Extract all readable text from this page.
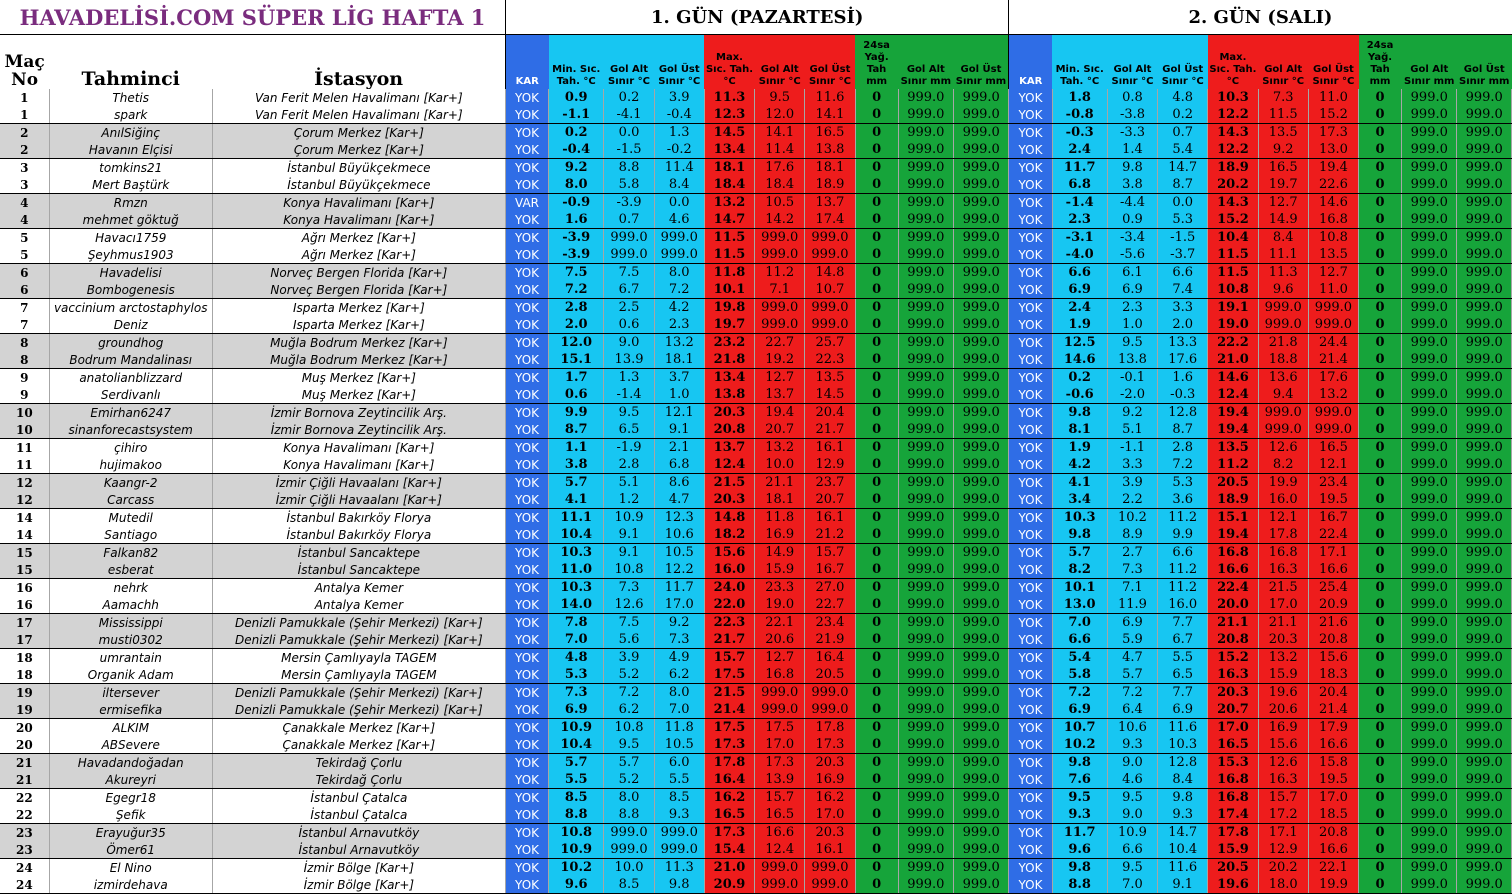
HAVADELİSİ.COM SÜPER LİG HAFTA 1			1. GÜN (PAZARTESİ)										2. GÜN (SALI)									
Maç No	Tahminci	İstasyon	KAR	Min. Sıc. Tah. °C	Gol Alt Sınır °C	Gol Üst Sınır °C	Max. Sıc. Tah. °C	Gol Alt Sınır °C	Gol Üst Sınır °C	24sa Yağ. Tah mm	Gol Alt Sınır mm	Gol Üst Sınır mm	KAR	Min. Sıc. Tah. °C	Gol Alt Sınır °C	Gol Üst Sınır °C	Max. Sıc. Tah. °C	Gol Alt Sınır °C	Gol Üst Sınır °C	24sa Yağ. Tah mm	Gol Alt Sınır mm	Gol Üst Sınır mm
1	Thetis	Van Ferit Melen Havalimanı [Kar+]	YOK	0.9	0.2	3.9	11.3	9.5	11.6	0	999.0	999.0	YOK	1.8	0.8	4.8	10.3	7.3	11.0	0	999.0	999.0
1	spark	Van Ferit Melen Havalimanı [Kar+]	YOK	-1.1	-4.1	-0.4	12.3	12.0	14.1	0	999.0	999.0	YOK	-0.8	-3.8	0.2	12.2	11.5	15.2	0	999.0	999.0
2	AnılSiğinç	Çorum Merkez [Kar+]	YOK	0.2	0.0	1.3	14.5	14.1	16.5	0	999.0	999.0	YOK	-0.3	-3.3	0.7	14.3	13.5	17.3	0	999.0	999.0
2	Havanın Elçisi	Çorum Merkez [Kar+]	YOK	-0.4	-1.5	-0.2	13.4	11.4	13.8	0	999.0	999.0	YOK	2.4	1.4	5.4	12.2	9.2	13.0	0	999.0	999.0
3	tomkins21	İstanbul Büyükçekmece	YOK	9.2	8.8	11.4	18.1	17.6	18.1	0	999.0	999.0	YOK	11.7	9.8	14.7	18.9	16.5	19.4	0	999.0	999.0
3	Mert Baştürk	İstanbul Büyükçekmece	YOK	8.0	5.8	8.4	18.4	18.4	18.9	0	999.0	999.0	YOK	6.8	3.8	8.7	20.2	19.7	22.6	0	999.0	999.0
4	Rmzn	Konya Havalimanı [Kar+]	VAR	-0.9	-3.9	0.0	13.2	10.5	13.7	0	999.0	999.0	YOK	-1.4	-4.4	0.0	14.3	12.7	14.6	0	999.0	999.0
4	mehmet göktuğ	Konya Havalimanı [Kar+]	YOK	1.6	0.7	4.6	14.7	14.2	17.4	0	999.0	999.0	YOK	2.3	0.9	5.3	15.2	14.9	16.8	0	999.0	999.0
5	Havacı1759	Ağrı Merkez [Kar+]	YOK	-3.9	999.0	999.0	11.5	999.0	999.0	0	999.0	999.0	YOK	-3.1	-3.4	-1.5	10.4	8.4	10.8	0	999.0	999.0
5	Şeyhmus1903	Ağrı Merkez [Kar+]	YOK	-3.9	999.0	999.0	11.5	999.0	999.0	0	999.0	999.0	YOK	-4.0	-5.6	-3.7	11.5	11.1	13.5	0	999.0	999.0
6	Havadelisi	Norveç Bergen Florida [Kar+]	YOK	7.5	7.5	8.0	11.8	11.2	14.8	0	999.0	999.0	YOK	6.6	6.1	6.6	11.5	11.3	12.7	0	999.0	999.0
6	Bombogenesis	Norveç Bergen Florida [Kar+]	YOK	7.2	6.7	7.2	10.1	7.1	10.7	0	999.0	999.0	YOK	6.9	6.9	7.4	10.8	9.6	11.0	0	999.0	999.0
7	vaccinium arctostaphylos	Isparta Merkez [Kar+]	YOK	2.8	2.5	4.2	19.8	999.0	999.0	0	999.0	999.0	YOK	2.4	2.3	3.3	19.1	999.0	999.0	0	999.0	999.0
7	Deniz	Isparta Merkez [Kar+]	YOK	2.0	0.6	2.3	19.7	999.0	999.0	0	999.0	999.0	YOK	1.9	1.0	2.0	19.0	999.0	999.0	0	999.0	999.0
8	groundhog	Muğla Bodrum Merkez [Kar+]	YOK	12.0	9.0	13.2	23.2	22.7	25.7	0	999.0	999.0	YOK	12.5	9.5	13.3	22.2	21.8	24.4	0	999.0	999.0
8	Bodrum Mandalinası	Muğla Bodrum Merkez [Kar+]	YOK	15.1	13.9	18.1	21.8	19.2	22.3	0	999.0	999.0	YOK	14.6	13.8	17.6	21.0	18.8	21.4	0	999.0	999.0
9	anatolianblizzard	Muş Merkez [Kar+]	YOK	1.7	1.3	3.7	13.4	12.7	13.5	0	999.0	999.0	YOK	0.2	-0.1	1.6	14.6	13.6	17.6	0	999.0	999.0
9	Serdivanlı	Muş Merkez [Kar+]	YOK	0.6	-1.4	1.0	13.8	13.7	14.5	0	999.0	999.0	YOK	-0.6	-2.0	-0.3	12.4	9.4	13.2	0	999.0	999.0
10	Emirhan6247	İzmir Bornova Zeytincilik Arş.	YOK	9.9	9.5	12.1	20.3	19.4	20.4	0	999.0	999.0	YOK	9.8	9.2	12.8	19.4	999.0	999.0	0	999.0	999.0
10	sinanforecastsystem	İzmir Bornova Zeytincilik Arş.	YOK	8.7	6.5	9.1	20.8	20.7	21.7	0	999.0	999.0	YOK	8.1	5.1	8.7	19.4	999.0	999.0	0	999.0	999.0
11	çihiro	Konya Havalimanı [Kar+]	YOK	1.1	-1.9	2.1	13.7	13.2	16.1	0	999.0	999.0	YOK	1.9	-1.1	2.8	13.5	12.6	16.5	0	999.0	999.0
11	hujimakoo	Konya Havalimanı [Kar+]	YOK	3.8	2.8	6.8	12.4	10.0	12.9	0	999.0	999.0	YOK	4.2	3.3	7.2	11.2	8.2	12.1	0	999.0	999.0
12	Kaangr-2	İzmir Çiğli Havaalanı [Kar+]	YOK	5.7	5.1	8.6	21.5	21.1	23.7	0	999.0	999.0	YOK	4.1	3.9	5.3	20.5	19.9	23.4	0	999.0	999.0
12	Carcass	İzmir Çiğli Havaalanı [Kar+]	YOK	4.1	1.2	4.7	20.3	18.1	20.7	0	999.0	999.0	YOK	3.4	2.2	3.6	18.9	16.0	19.5	0	999.0	999.0
14	Mutedil	İstanbul Bakırköy Florya	YOK	11.1	10.9	12.3	14.8	11.8	16.1	0	999.0	999.0	YOK	10.3	10.2	11.2	15.1	12.1	16.7	0	999.0	999.0
14	Santiago	İstanbul Bakırköy Florya	YOK	10.4	9.1	10.6	18.2	16.9	21.2	0	999.0	999.0	YOK	9.8	8.9	9.9	19.4	17.8	22.4	0	999.0	999.0
15	Falkan82	İstanbul Sancaktepe	YOK	10.3	9.1	10.5	15.6	14.9	15.7	0	999.0	999.0	YOK	5.7	2.7	6.6	16.8	16.8	17.1	0	999.0	999.0
15	esberat	İstanbul Sancaktepe	YOK	11.0	10.8	12.2	16.0	15.9	16.7	0	999.0	999.0	YOK	8.2	7.3	11.2	16.6	16.3	16.6	0	999.0	999.0
16	nehrk	Antalya Kemer	YOK	10.3	7.3	11.7	24.0	23.3	27.0	0	999.0	999.0	YOK	10.1	7.1	11.2	22.4	21.5	25.4	0	999.0	999.0
16	Aamachh	Antalya Kemer	YOK	14.0	12.6	17.0	22.0	19.0	22.7	0	999.0	999.0	YOK	13.0	11.9	16.0	20.0	17.0	20.9	0	999.0	999.0
17	Mississippi	Denizli Pamukkale (Şehir Merkezi) [Kar+]	YOK	7.8	7.5	9.2	22.3	22.1	23.4	0	999.0	999.0	YOK	7.0	6.9	7.7	21.1	21.1	21.6	0	999.0	999.0
17	musti0302	Denizli Pamukkale (Şehir Merkezi) [Kar+]	YOK	7.0	5.6	7.3	21.7	20.6	21.9	0	999.0	999.0	YOK	6.6	5.9	6.7	20.8	20.3	20.8	0	999.0	999.0
18	umrantain	Mersin Çamlıyayla TAGEM	YOK	4.8	3.9	4.9	15.7	12.7	16.4	0	999.0	999.0	YOK	5.4	4.7	5.5	15.2	13.2	15.6	0	999.0	999.0
18	Organik Adam	Mersin Çamlıyayla TAGEM	YOK	5.3	5.2	6.2	17.5	16.8	20.5	0	999.0	999.0	YOK	5.8	5.7	6.5	16.3	15.9	18.3	0	999.0	999.0
19	iltersever	Denizli Pamukkale (Şehir Merkezi) [Kar+]	YOK	7.3	7.2	8.0	21.5	999.0	999.0	0	999.0	999.0	YOK	7.2	7.2	7.7	20.3	19.6	20.4	0	999.0	999.0
19	ermisefika	Denizli Pamukkale (Şehir Merkezi) [Kar+]	YOK	6.9	6.2	7.0	21.4	999.0	999.0	0	999.0	999.0	YOK	6.9	6.4	6.9	20.7	20.6	21.4	0	999.0	999.0
20	ALKIM	Çanakkale Merkez [Kar+]	YOK	10.9	10.8	11.8	17.5	17.5	17.8	0	999.0	999.0	YOK	10.7	10.6	11.6	17.0	16.9	17.9	0	999.0	999.0
20	ABSevere	Çanakkale Merkez [Kar+]	YOK	10.4	9.5	10.5	17.3	17.0	17.3	0	999.0	999.0	YOK	10.2	9.3	10.3	16.5	15.6	16.6	0	999.0	999.0
21	Havadandoğadan	Tekirdağ Çorlu	YOK	5.7	5.7	6.0	17.8	17.3	20.3	0	999.0	999.0	YOK	9.8	9.0	12.8	15.3	12.6	15.8	0	999.0	999.0
21	Akureyri	Tekirdağ Çorlu	YOK	5.5	5.2	5.5	16.4	13.9	16.9	0	999.0	999.0	YOK	7.6	4.6	8.4	16.8	16.3	19.5	0	999.0	999.0
22	Egegr18	İstanbul Çatalca	YOK	8.5	8.0	8.5	16.2	15.7	16.2	0	999.0	999.0	YOK	9.5	9.5	9.8	16.8	15.7	17.0	0	999.0	999.0
22	Şefik	İstanbul Çatalca	YOK	8.8	8.8	9.3	16.5	16.5	17.0	0	999.0	999.0	YOK	9.3	9.0	9.3	17.4	17.2	18.5	0	999.0	999.0
23	Erayuğur35	İstanbul Arnavutköy	YOK	10.8	999.0	999.0	17.3	16.6	20.3	0	999.0	999.0	YOK	11.7	10.9	14.7	17.8	17.1	20.8	0	999.0	999.0
23	Ömer61	İstanbul Arnavutköy	YOK	10.9	999.0	999.0	15.4	12.4	16.1	0	999.0	999.0	YOK	9.6	6.6	10.4	15.9	12.9	16.6	0	999.0	999.0
24	El Nino	İzmir Bölge [Kar+]	YOK	10.2	10.0	11.3	21.0	999.0	999.0	0	999.0	999.0	YOK	9.8	9.5	11.6	20.5	20.2	22.1	0	999.0	999.0
24	izmirdehava	İzmir Bölge [Kar+]	YOK	9.6	8.5	9.8	20.9	999.0	999.0	0	999.0	999.0	YOK	8.8	7.0	9.1	19.6	18.0	19.9	0	999.0	999.0
